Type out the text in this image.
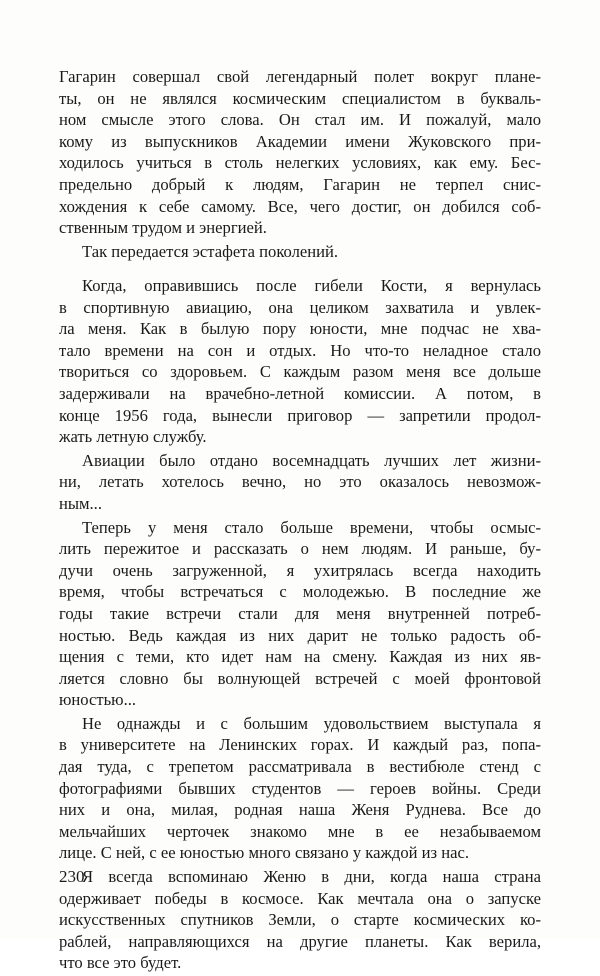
Гагарин совершал свой легендарный полет вокруг плане-
ты, он не являлся космическим специалистом в букваль-
ном смысле этого слова. Он стал им. И пожалуй, мало
кому из выпускников Академии имени Жуковского при-
ходилось учиться в столь нелегких условиях, как ему. Бес-
предельно добрый к людям, Гагарин не терпел снис-
хождения к себе самому. Все, чего достиг, он добился соб-
ственным трудом и энергией.
Так передается эстафета поколений.
Когда, оправившись после гибели Кости, я вернулась
в спортивную авиацию, она целиком захватила и увлек-
ла меня. Как в былую пору юности, мне подчас не хва-
тало времени на сон и отдых. Но что-то неладное стало
твориться со здоровьем. С каждым разом меня все дольше
задерживали на врачебно-летной комиссии. А потом, в
конце 1956 года, вынесли приговор — запретили продол-
жать летную службу.
Авиации было отдано восемнадцать лучших лет жизни-
ни, летать хотелось вечно, но это оказалось невозмож-
ным...
Теперь у меня стало больше времени, чтобы осмыс-
лить пережитое и рассказать о нем людям. И раньше, бу-
дучи очень загруженной, я ухитрялась всегда находить
время, чтобы встречаться с молодежью. В последние же
годы такие встречи стали для меня внутренней потреб-
ностью. Ведь каждая из них дарит не только радость об-
щения с теми, кто идет нам на смену. Каждая из них яв-
ляется словно бы волнующей встречей с моей фронтовой
юностью...
Не однажды и с большим удовольствием выступала я
в университете на Ленинских горах. И каждый раз, попа-
дая туда, с трепетом рассматривала в вестибюле стенд с
фотографиями бывших студентов — героев войны. Среди
них и она, милая, родная наша Женя Руднева. Все до
мельчайших черточек знакомо мне в ее незабываемом
лице. С ней, с ее юностью много связано у каждой из нас.
Я всегда вспоминаю Женю в дни, когда наша страна
одерживает победы в космосе. Как мечтала она о запуске
искусственных спутников Земли, о старте космических ко-
раблей, направляющихся на другие планеты. Как верила,
что все это будет.
230
